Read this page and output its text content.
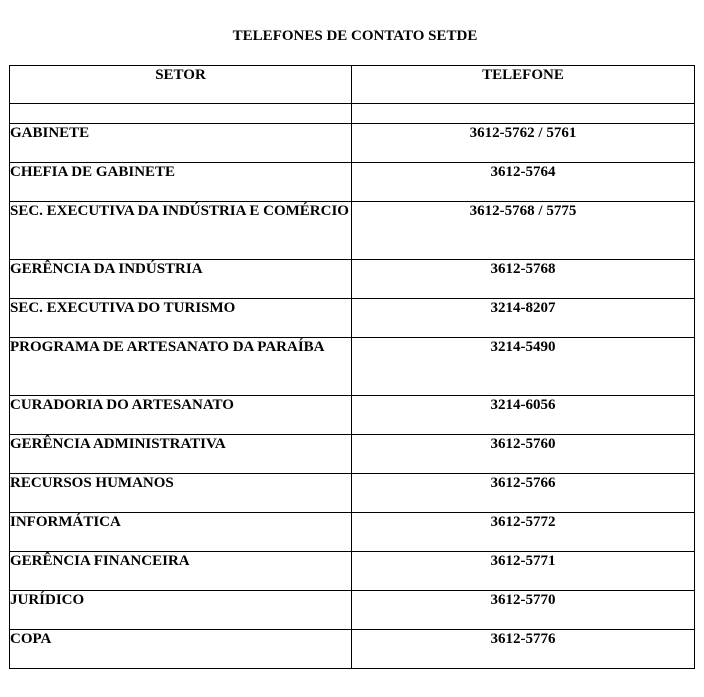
TELEFONES DE CONTATO SETDE
SETOR	TELEFONE

GABINETE	3612-5762 / 5761
CHEFIA DE GABINETE	3612-5764
SEC. EXECUTIVA DA INDÚSTRIA E COMÉRCIO	3612-5768 / 5775
GERÊNCIA DA INDÚSTRIA	3612-5768
SEC. EXECUTIVA DO TURISMO	3214-8207
PROGRAMA DE ARTESANATO DA PARAÍBA	3214-5490
CURADORIA DO ARTESANATO	3214-6056
GERÊNCIA ADMINISTRATIVA	3612-5760
RECURSOS HUMANOS	3612-5766
INFORMÁTICA	3612-5772
GERÊNCIA FINANCEIRA	3612-5771
JURÍDICO	3612-5770
COPA	3612-5776
